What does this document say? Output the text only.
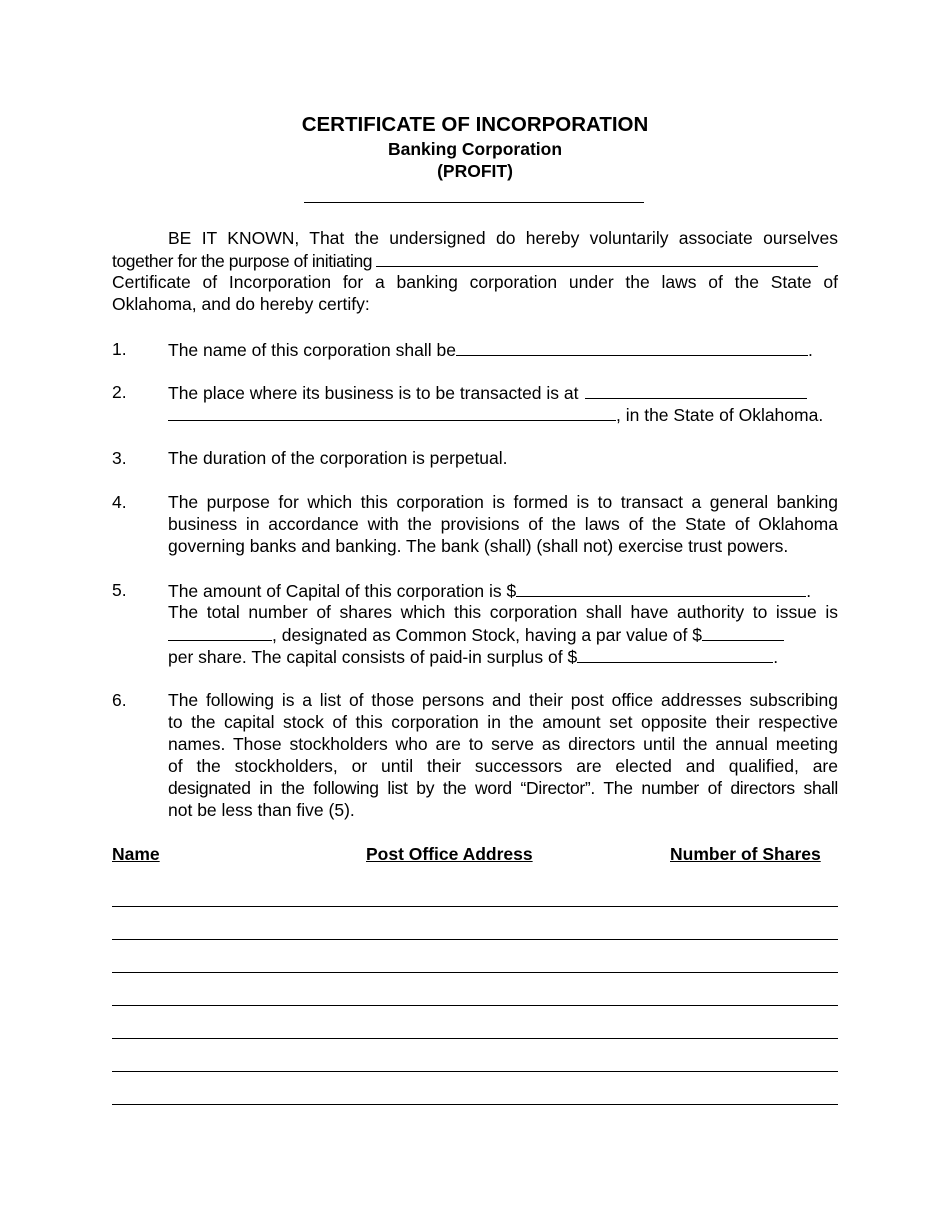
CERTIFICATE OF INCORPORATION
Banking Corporation
(PROFIT)
BE IT KNOWN, That the undersigned do hereby voluntarily associate ourselves
together for the purpose of initiating
Certificate of Incorporation for a banking corporation under the laws of the State of
Oklahoma, and do hereby certify:
1. The name of this corporation shall be	.
2. The place where its business is to be transacted is at
, in the State of Oklahoma.
3. The duration of the corporation is perpetual.
4. The purpose for which this corporation is formed is to transact a general banking
business in accordance with the provisions of the laws of the State of Oklahoma
governing banks and banking. The bank (shall) (shall not) exercise trust powers.
5. The amount of Capital of this corporation is $	.
The total number of shares which this corporation shall have authority to issue is
, designated as Common Stock, having a par value of $
per share. The capital consists of paid-in surplus of $	.
6. The following is a list of those persons and their post office addresses subscribing
to the capital stock of this corporation in the amount set opposite their respective
names. Those stockholders who are to serve as directors until the annual meeting
of the stockholders, or until their successors are elected and qualified, are
designated in the following list by the word “Director”. The number of directors shall
not be less than five (5).
Name	Post Office Address	Number of Shares
